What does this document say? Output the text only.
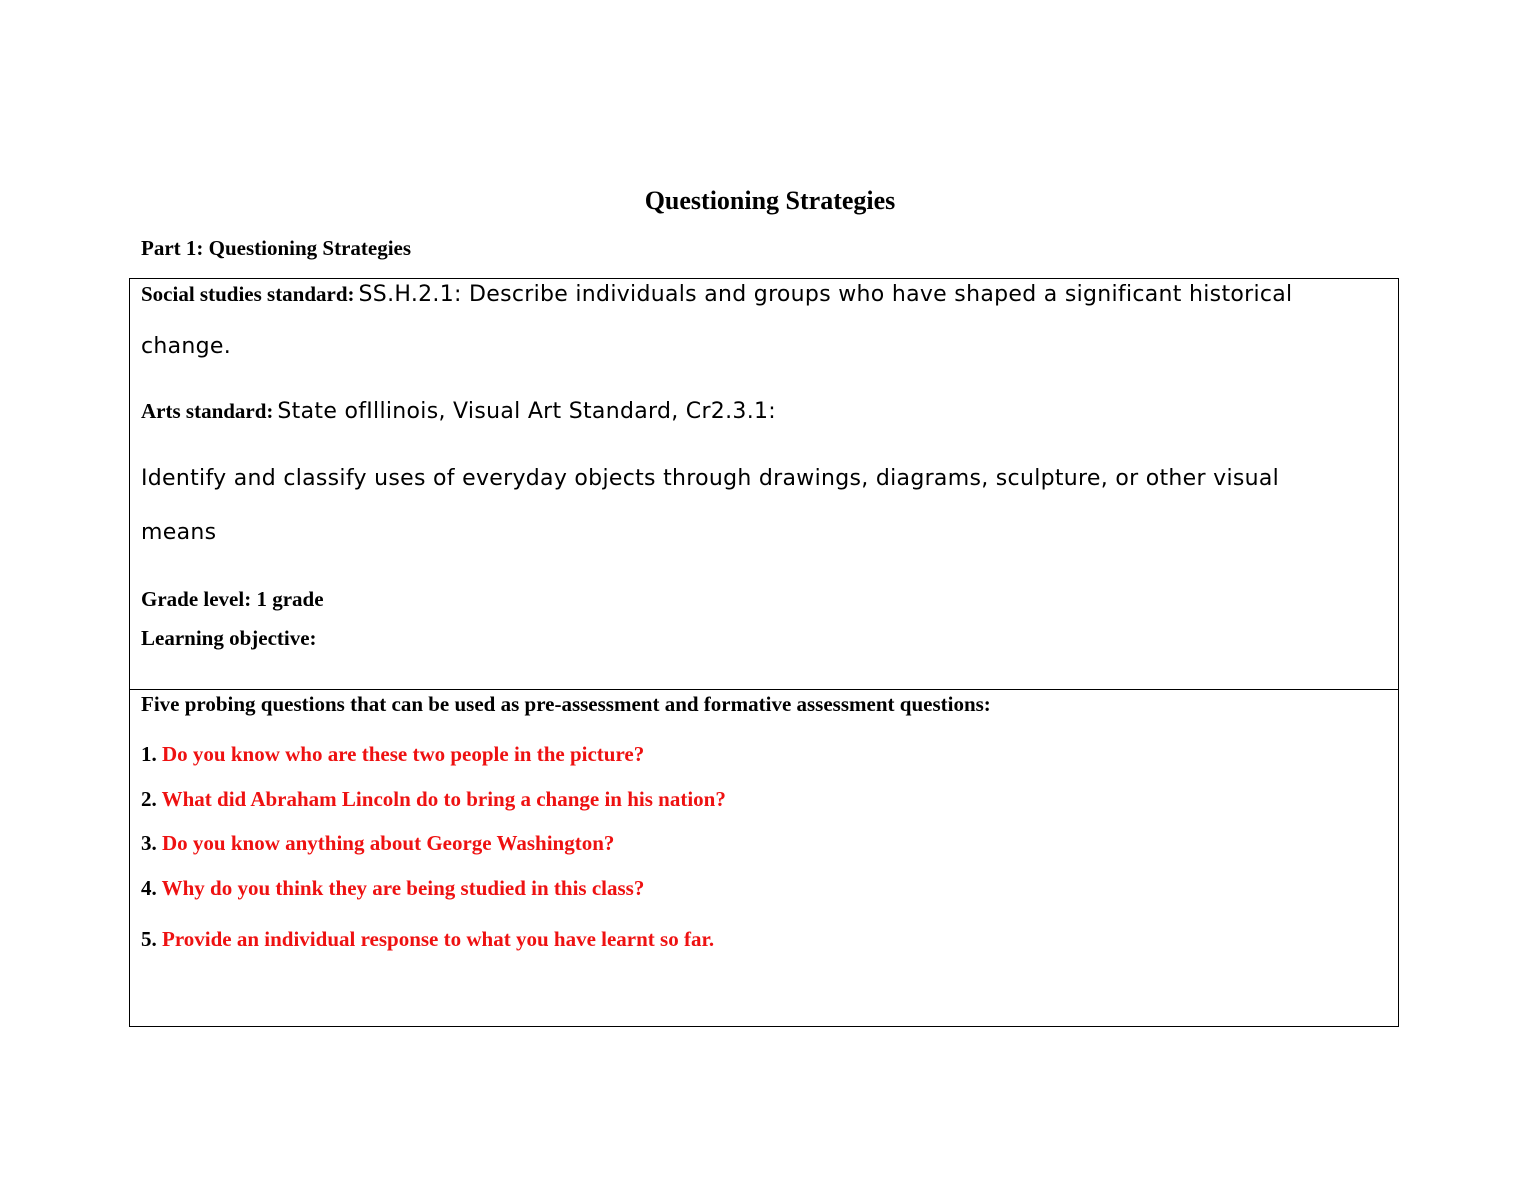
Questioning Strategies
Part 1: Questioning Strategies

Social studies standard: SS.H.2.1: Describe individuals and groups who have shaped a significant historical

change.

Arts standard: State ofIllinois, Visual Art Standard, Cr2.3.1:

Identify and classify uses of everyday objects through drawings, diagrams, sculpture, or other visual

means

Grade level: 1 grade

Learning objective:

Five probing questions that can be used as pre-assessment and formative assessment questions:

1. Do you know who are these two people in the picture?

2. What did Abraham Lincoln do to bring a change in his nation?

3. Do you know anything about George Washington?

4. Why do you think they are being studied in this class?

5. Provide an individual response to what you have learnt so far.
